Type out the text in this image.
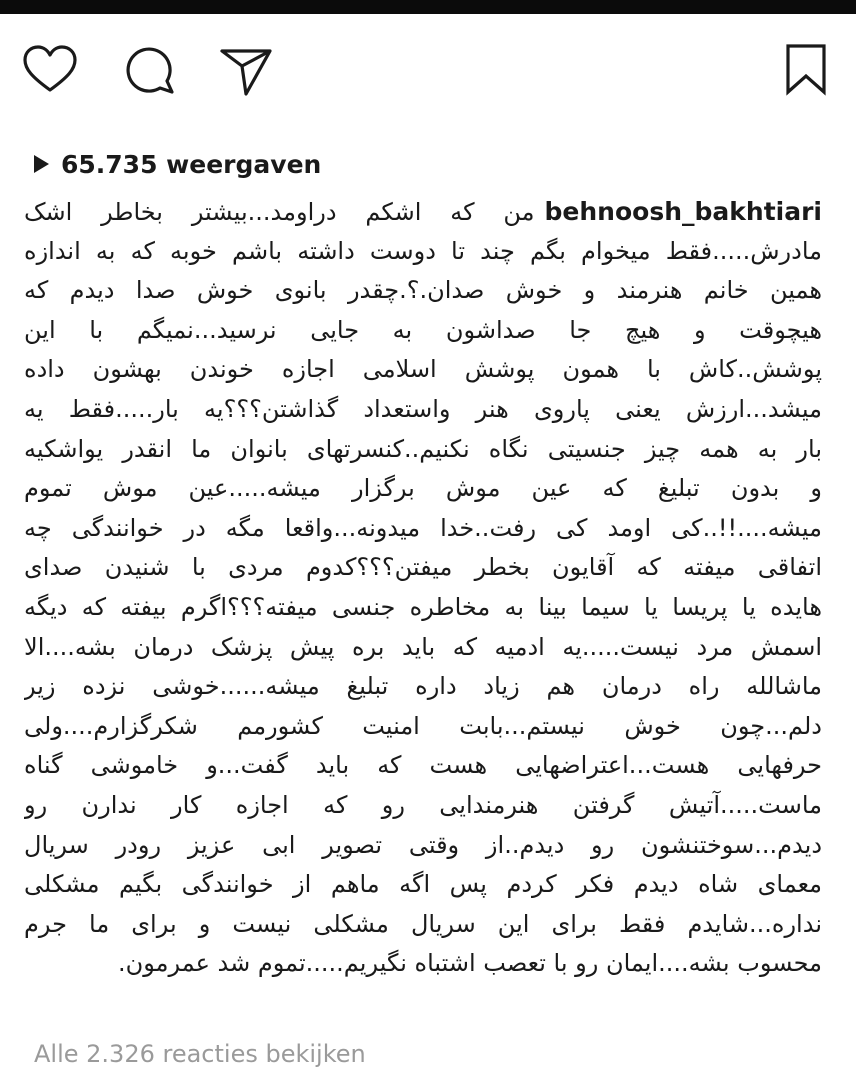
65.735 weergaven
behnoosh_bakhtiariمن که اشکم دراومد...بیشتر بخاطر اشک
مادرش.....فقط میخوام بگم چند تا دوست داشته باشم خوبه که به اندازه
همین خانم هنرمند و خوش صدان.؟.چقدر بانوی خوش صدا دیدم که
هیچوقت و هیچ جا صداشون به جایی نرسید...نمیگم با این
پوشش..کاش با همون پوشش اسلامی اجازه خوندن بهشون داده
میشد...ارزش یعنی پاروی هنر واستعداد گذاشتن؟؟؟یه بار.....فقط یه
بار به همه چیز جنسیتی نگاه نکنیم..کنسرتهای بانوان ما انقدر یواشکیه
و بدون تبلیغ که عین موش برگزار میشه.....عین موش تموم
میشه....!!..کی اومد کی رفت..خدا میدونه...واقعا مگه در خوانندگی چه
اتفاقی میفته که آقایون بخطر میفتن؟؟؟کدوم مردی با شنیدن صدای
هایده یا پریسا یا سیما بینا به مخاطره جنسی میفته؟؟؟اگرم بیفته که دیگه
اسمش مرد نیست.....یه ادمیه که باید بره پیش پزشک درمان بشه....الا
ماشالله راه درمان هم زیاد داره تبلیغ میشه......خوشی نزده زیر
دلم...چون خوش نیستم...بابت امنیت کشورمم شکرگزارم....ولی
حرفهایی هست...اعتراضهایی هست که باید گفت...و خاموشی گناه
ماست.....آتیش گرفتن هنرمندایی رو که اجازه کار ندارن رو
دیدم...سوختنشون رو دیدم..از وقتی تصویر ابی عزیز رودر سریال
معمای شاه دیدم فکر کردم پس اگه ماهم از خوانندگی بگیم مشکلی
نداره...شایدم فقط برای این سریال مشکلی نیست و برای ما جرم
محسوب بشه....ایمان رو با تعصب اشتباه نگیریم.....تموم شد عمرمون.
Alle 2.326 reacties bekijken
